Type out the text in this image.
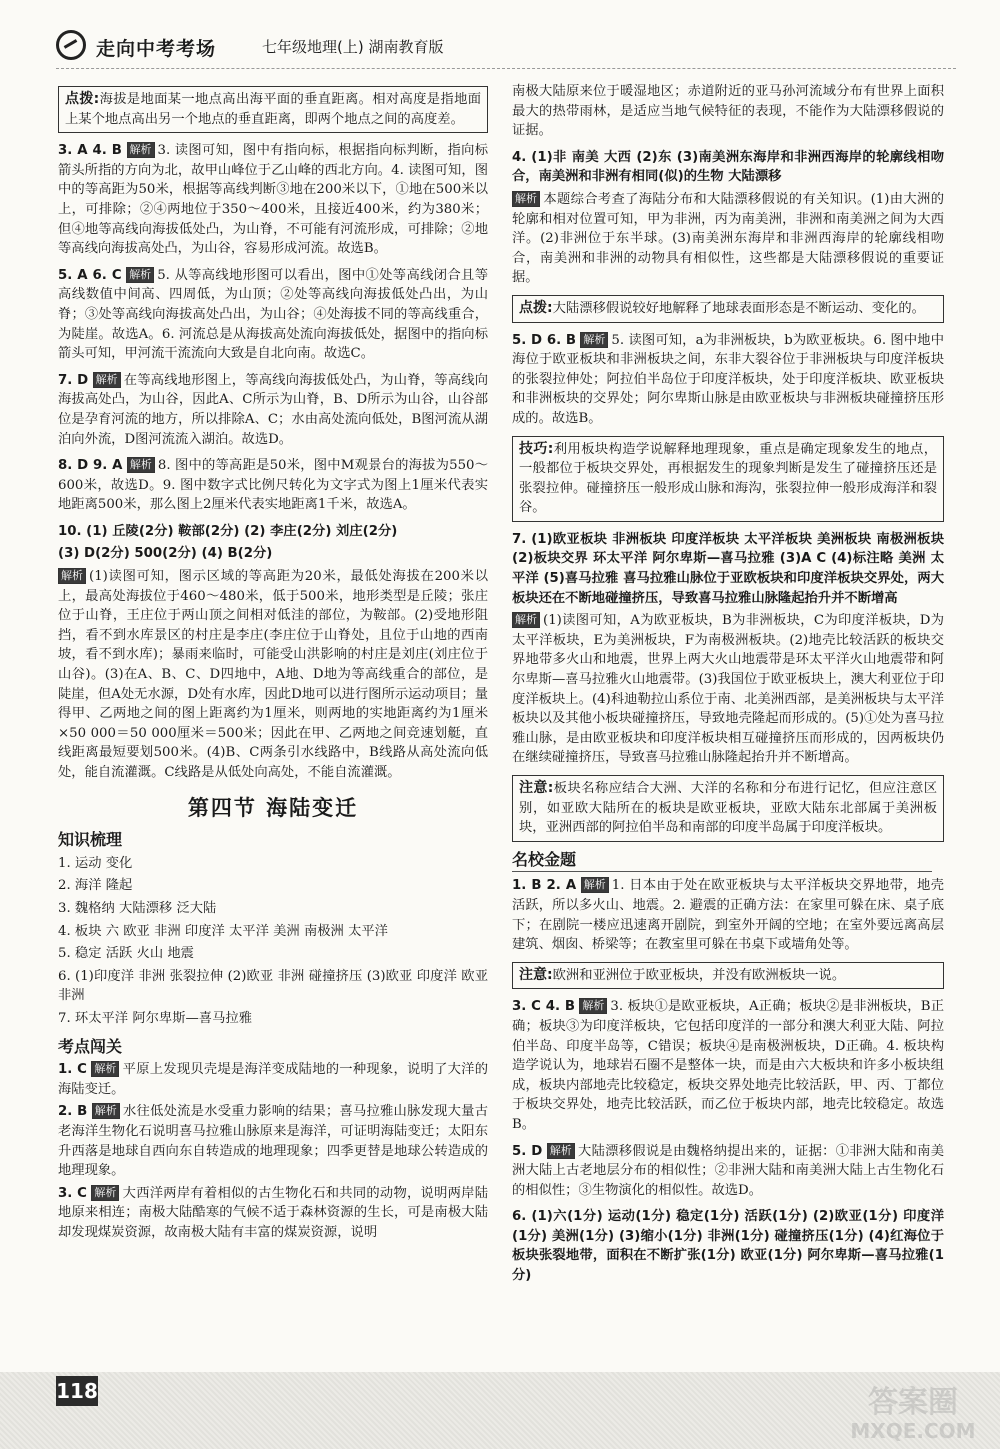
走向中考考场	七年级地理(上) 湖南教育版
点拨:海拔是地面某一地点高出海平面的垂直距离。相对高度是指地面上某个地点高出另一个地点的垂直距离，即两个地点之间的高度差。

3. A 4. B 解析 3. 读图可知，图中有指向标，根据指向标判断，指向标箭头所指的方向为北，故甲山峰位于乙山峰的西北方向。4. 读图可知，图中的等高距为50米，根据等高线判断③地在200米以下，①地在500米以上，可排除；②④两地位于350～400米，且接近400米，约为380米；但④地等高线向海拔低处凸，为山脊，不可能有河流形成，可排除；②地等高线向海拔高处凸，为山谷，容易形成河流。故选B。

5. A 6. C 解析 5. 从等高线地形图可以看出，图中①处等高线闭合且等高线数值中间高、四周低，为山顶；②处等高线向海拔低处凸出，为山脊；③处等高线向海拔高处凸出，为山谷；④处海拔不同的等高线重合，为陡崖。故选A。6. 河流总是从海拔高处流向海拔低处，据图中的指向标箭头可知，甲河流干流流向大致是自北向南。故选C。

7. D 解析 在等高线地形图上，等高线向海拔低处凸，为山脊，等高线向海拔高处凸，为山谷，因此A、C所示为山脊，B、D所示为山谷，山谷部位是孕育河流的地方，所以排除A、C；水由高处流向低处，B图河流从湖泊向外流，D图河流流入湖泊。故选D。

8. D 9. A 解析 8. 图中的等高距是50米，图中M观景台的海拔为550～600米，故选D。9. 图中数字式比例尺转化为文字式为图上1厘米代表实地距离500米，那么图上2厘米代表实地距离1千米，故选A。

10. (1) 丘陵(2分) 鞍部(2分) (2) 李庄(2分) 刘庄(2分)

(3) D(2分) 500(2分) (4) B(2分)

解析 (1)读图可知，图示区域的等高距为20米，最低处海拔在200米以上，最高处海拔位于460～480米，低于500米，地形类型是丘陵；张庄位于山脊，王庄位于两山顶之间相对低洼的部位，为鞍部。(2)受地形阻挡，看不到水库景区的村庄是李庄(李庄位于山脊处，且位于山地的西南坡，看不到水库)；暴雨来临时，可能受山洪影响的村庄是刘庄(刘庄位于山谷)。(3)在A、B、C、D四地中，A地、D地为等高线重合的部位，是陡崖，但A处无水源，D处有水库，因此D地可以进行图所示运动项目；量得甲、乙两地之间的图上距离约为1厘米，则两地的实地距离约为1厘米×50 000＝50 000厘米＝500米；因此在甲、乙两地之间竞速划艇，直线距离最短要划500米。(4)B、C两条引水线路中，B线路从高处流向低处，能自流灌溉。C线路是从低处向高处，不能自流灌溉。

第四节 海陆变迁
知识梳理

1. 运动 变化

2. 海洋 隆起

3. 魏格纳 大陆漂移 泛大陆

4. 板块 六 欧亚 非洲 印度洋 太平洋 美洲 南极洲 太平洋

5. 稳定 活跃 火山 地震

6. (1)印度洋 非洲 张裂拉伸 (2)欧亚 非洲 碰撞挤压 (3)欧亚 印度洋 欧亚 非洲

7. 环太平洋 阿尔卑斯—喜马拉雅

考点闯关

1. C 解析 平原上发现贝壳堤是海洋变成陆地的一种现象，说明了大洋的海陆变迁。

2. B 解析 水往低处流是水受重力影响的结果；喜马拉雅山脉发现大量古老海洋生物化石说明喜马拉雅山脉原来是海洋，可证明海陆变迁；太阳东升西落是地球自西向东自转造成的地理现象；四季更替是地球公转造成的地理现象。

3. C 解析 大西洋两岸有着相似的古生物化石和共同的动物，说明两岸陆地原来相连；南极大陆酷寒的气候不适于森林资源的生长，可是南极大陆却发现煤炭资源，故南极大陆有丰富的煤炭资源，说明

南极大陆原来位于暖湿地区；赤道附近的亚马孙河流域分布有世界上面积最大的热带雨林，是适应当地气候特征的表现，不能作为大陆漂移假说的证据。

4. (1)非 南美 大西 (2)东 (3)南美洲东海岸和非洲西海岸的轮廓线相吻合，南美洲和非洲有相同(似)的生物 大陆漂移

解析 本题综合考查了海陆分布和大陆漂移假说的有关知识。(1)由大洲的轮廓和相对位置可知，甲为非洲，丙为南美洲，非洲和南美洲之间为大西洋。(2)非洲位于东半球。(3)南美洲东海岸和非洲西海岸的轮廓线相吻合，南美洲和非洲的动物具有相似性，这些都是大陆漂移假说的重要证据。

点拨:大陆漂移假说较好地解释了地球表面形态是不断运动、变化的。

5. D 6. B 解析 5. 读图可知，a为非洲板块，b为欧亚板块。6. 图中地中海位于欧亚板块和非洲板块之间，东非大裂谷位于非洲板块与印度洋板块的张裂拉伸处；阿拉伯半岛位于印度洋板块，处于印度洋板块、欧亚板块和非洲板块的交界处；阿尔卑斯山脉是由欧亚板块与非洲板块碰撞挤压形成的。故选B。

技巧:利用板块构造学说解释地理现象，重点是确定现象发生的地点，一般都位于板块交界处，再根据发生的现象判断是发生了碰撞挤压还是张裂拉伸。碰撞挤压一般形成山脉和海沟，张裂拉伸一般形成海洋和裂谷。

7. (1)欧亚板块 非洲板块 印度洋板块 太平洋板块 美洲板块 南极洲板块 (2)板块交界 环太平洋 阿尔卑斯—喜马拉雅 (3)A C (4)标注略 美洲 太平洋 (5)喜马拉雅 喜马拉雅山脉位于亚欧板块和印度洋板块交界处，两大板块还在不断地碰撞挤压，导致喜马拉雅山脉隆起抬升并不断增高

解析 (1)读图可知，A为欧亚板块，B为非洲板块，C为印度洋板块，D为太平洋板块，E为美洲板块，F为南极洲板块。(2)地壳比较活跃的板块交界地带多火山和地震，世界上两大火山地震带是环太平洋火山地震带和阿尔卑斯—喜马拉雅火山地震带。(3)我国位于欧亚板块上，澳大利亚位于印度洋板块上。(4)科迪勒拉山系位于南、北美洲西部，是美洲板块与太平洋板块以及其他小板块碰撞挤压，导致地壳隆起而形成的。(5)①处为喜马拉雅山脉，是由欧亚板块和印度洋板块相互碰撞挤压而形成的，因两板块仍在继续碰撞挤压，导致喜马拉雅山脉隆起抬升并不断增高。

注意:板块名称应结合大洲、大洋的名称和分布进行记忆，但应注意区别，如亚欧大陆所在的板块是欧亚板块，亚欧大陆东北部属于美洲板块，亚洲西部的阿拉伯半岛和南部的印度半岛属于印度洋板块。
名校金题

1. B 2. A 解析 1. 日本由于处在欧亚板块与太平洋板块交界地带，地壳活跃，所以多火山、地震。2. 避震的正确方法：在家里可躲在床、桌子底下；在剧院一楼应迅速离开剧院，到室外开阔的空地；在室外要远离高层建筑、烟囱、桥梁等；在教室里可躲在书桌下或墙角处等。

注意:欧洲和亚洲位于欧亚板块，并没有欧洲板块一说。

3. C 4. B 解析 3. 板块①是欧亚板块，A正确；板块②是非洲板块，B正确；板块③为印度洋板块，它包括印度洋的一部分和澳大利亚大陆、阿拉伯半岛、印度半岛等，C错误；板块④是南极洲板块，D正确。4. 板块构造学说认为，地球岩石圈不是整体一块，而是由六大板块和许多小板块组成，板块内部地壳比较稳定，板块交界处地壳比较活跃，甲、丙、丁都位于板块交界处，地壳比较活跃，而乙位于板块内部，地壳比较稳定。故选B。

5. D 解析 大陆漂移假说是由魏格纳提出来的，证据：①非洲大陆和南美洲大陆上古老地层分布的相似性；②非洲大陆和南美洲大陆上古生物化石的相似性；③生物演化的相似性。故选D。

6. (1)六(1分) 运动(1分) 稳定(1分) 活跃(1分) (2)欧亚(1分) 印度洋(1分) 美洲(1分) (3)缩小(1分) 非洲(1分) 碰撞挤压(1分) (4)红海位于板块张裂地带，面积在不断扩张(1分) 欧亚(1分) 阿尔卑斯—喜马拉雅(1分)

118	答案圈
MXQE.COM
